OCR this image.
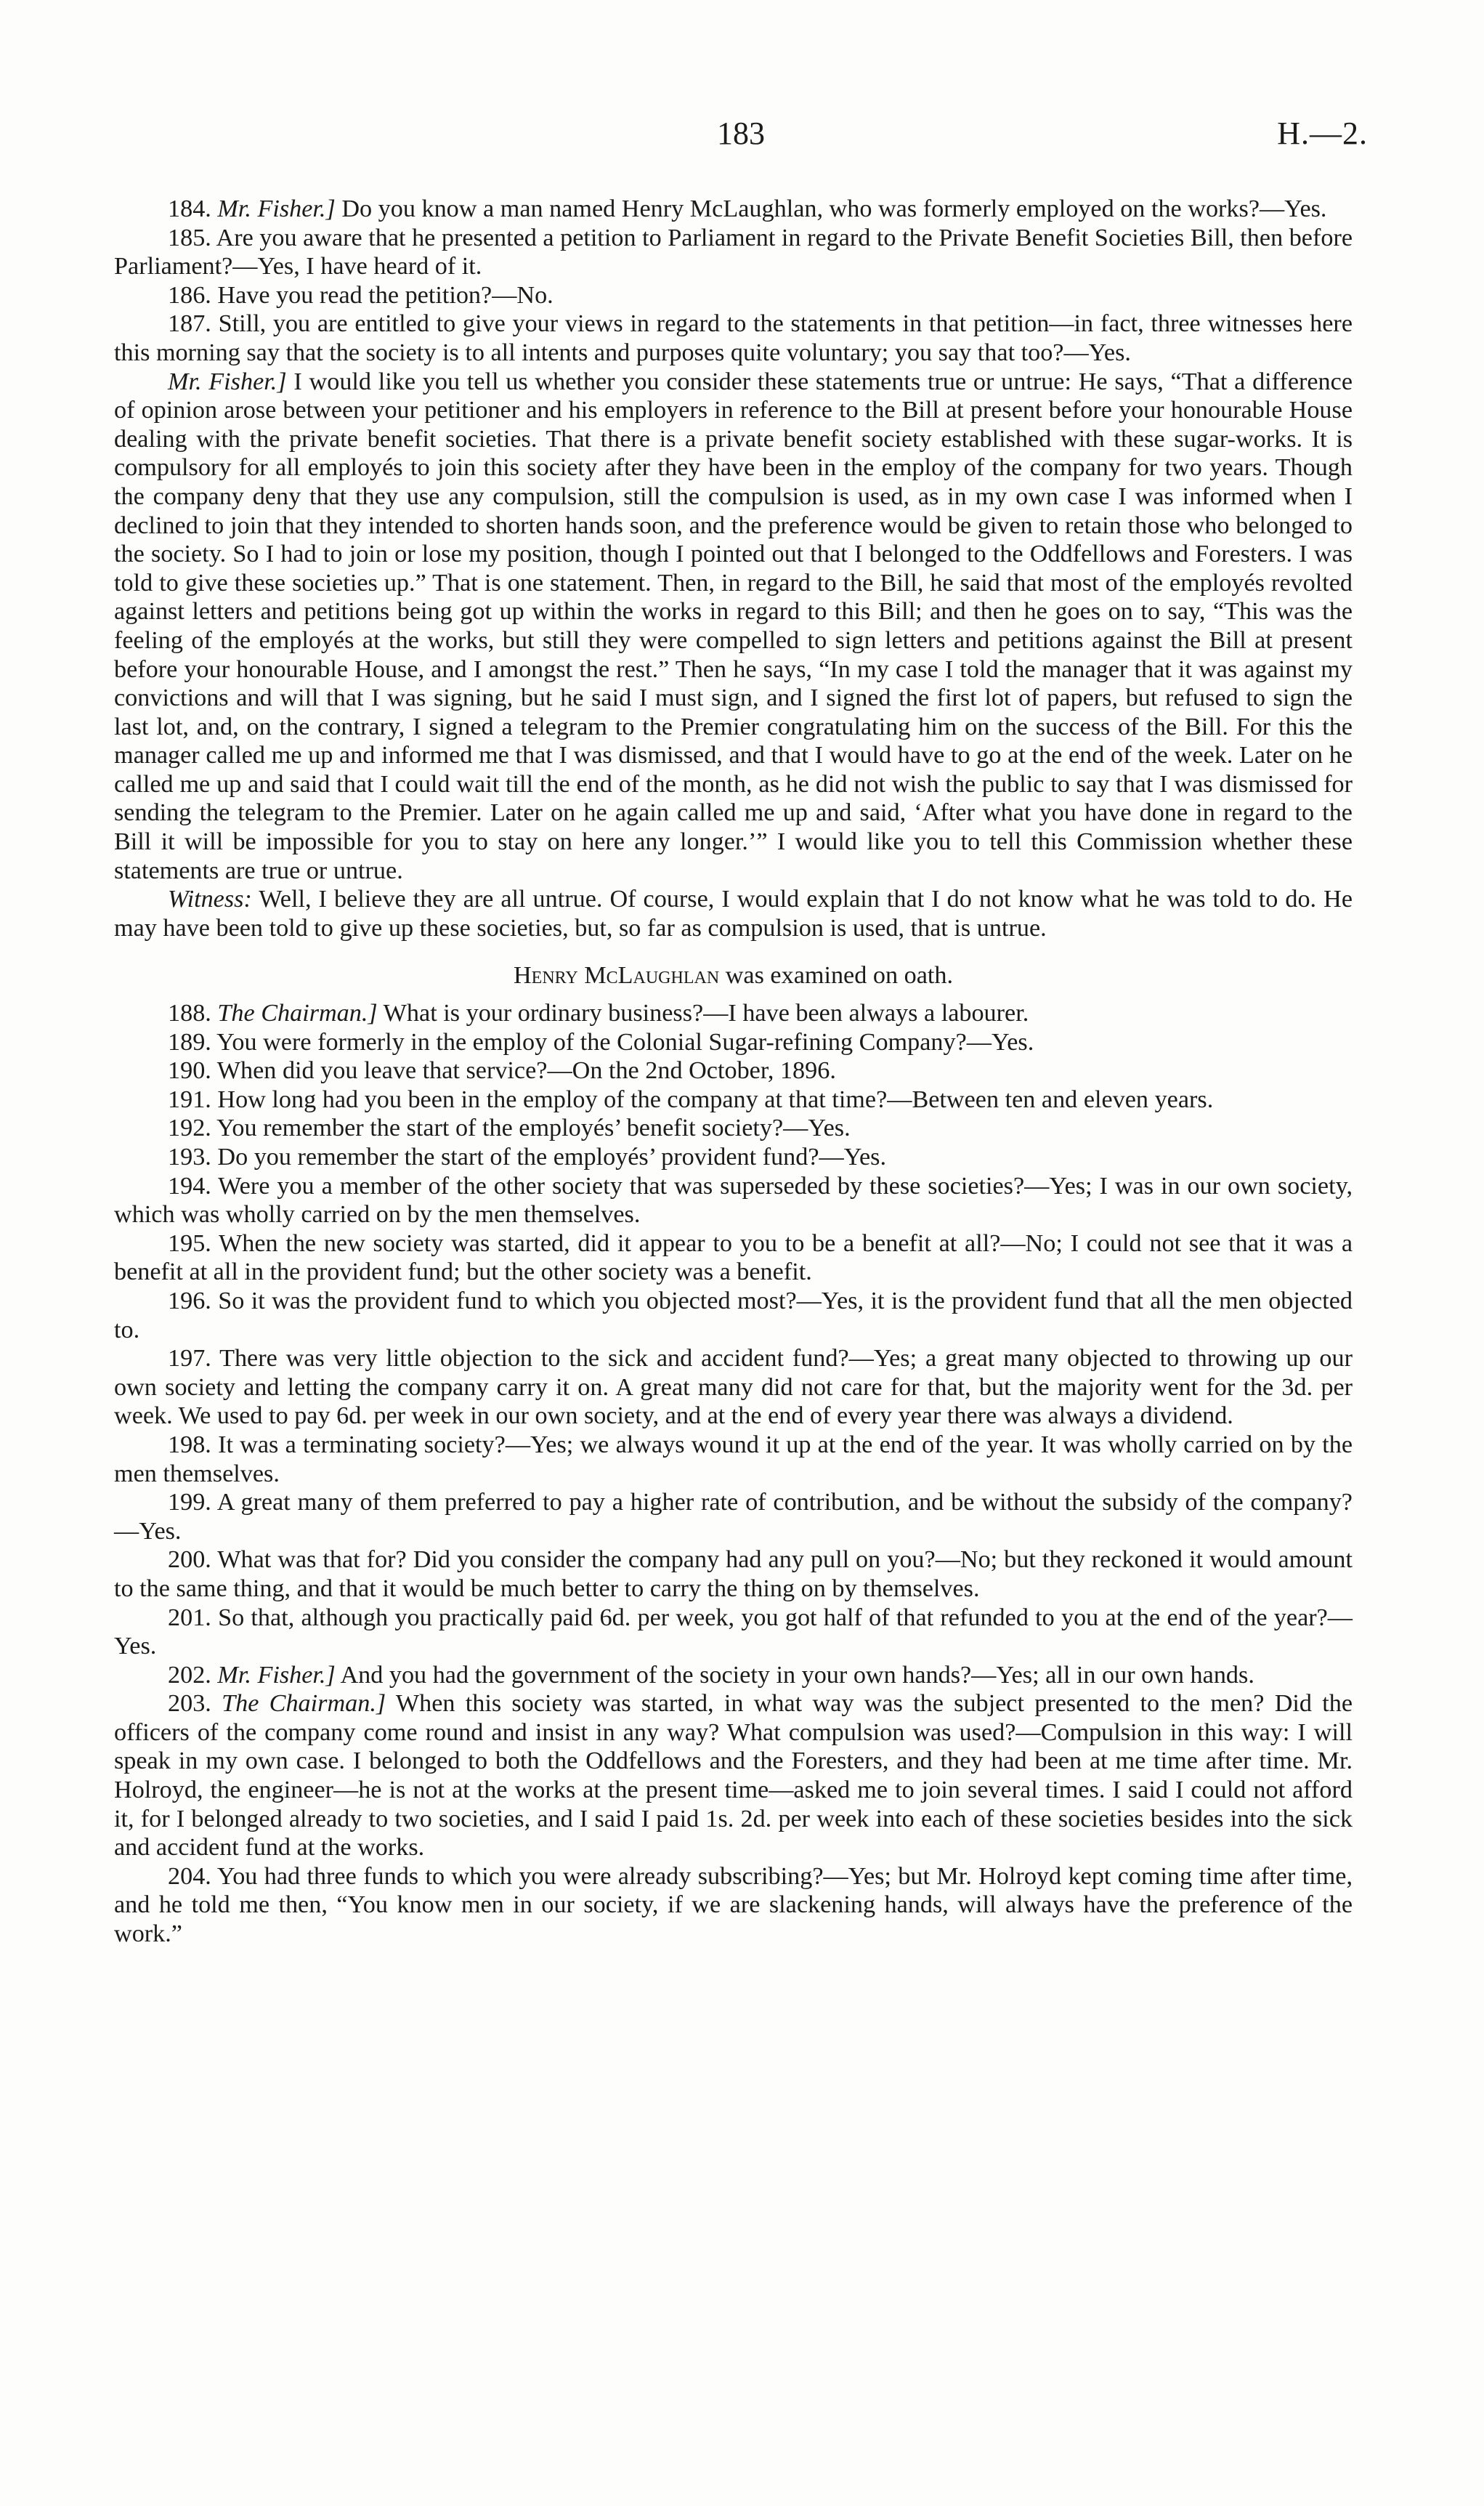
183	H.—2.

184. Mr. Fisher.] Do you know a man named Henry McLaughlan, who was formerly employed on the works?—Yes.

185. Are you aware that he presented a petition to Parliament in regard to the Private Benefit Societies Bill, then before Parliament?—Yes, I have heard of it.

186. Have you read the petition?—No.

187. Still, you are entitled to give your views in regard to the statements in that petition—in fact, three witnesses here this morning say that the society is to all intents and purposes quite voluntary; you say that too?—Yes.

Mr. Fisher.] I would like you tell us whether you consider these statements true or untrue: He says, “That a difference of opinion arose between your petitioner and his employers in reference to the Bill at present before your honourable House dealing with the private benefit societies. That there is a private benefit society established with these sugar-works. It is compulsory for all employés to join this society after they have been in the employ of the company for two years. Though the company deny that they use any compulsion, still the compulsion is used, as in my own case I was informed when I declined to join that they intended to shorten hands soon, and the preference would be given to retain those who belonged to the society. So I had to join or lose my position, though I pointed out that I belonged to the Oddfellows and Foresters. I was told to give these societies up.” That is one statement. Then, in regard to the Bill, he said that most of the employés revolted against letters and petitions being got up within the works in regard to this Bill; and then he goes on to say, “This was the feeling of the employés at the works, but still they were compelled to sign letters and petitions against the Bill at present before your honourable House, and I amongst the rest.” Then he says, “In my case I told the manager that it was against my convictions and will that I was signing, but he said I must sign, and I signed the first lot of papers, but refused to sign the last lot, and, on the contrary, I signed a telegram to the Premier congratulating him on the success of the Bill. For this the manager called me up and informed me that I was dismissed, and that I would have to go at the end of the week. Later on he called me up and said that I could wait till the end of the month, as he did not wish the public to say that I was dismissed for sending the telegram to the Premier. Later on he again called me up and said, ‘After what you have done in regard to the Bill it will be impossible for you to stay on here any longer.’” I would like you to tell this Commission whether these statements are true or untrue.

Witness: Well, I believe they are all untrue. Of course, I would explain that I do not know what he was told to do. He may have been told to give up these societies, but, so far as compulsion is used, that is untrue.

Henry McLaughlan was examined on oath.

188. The Chairman.] What is your ordinary business?—I have been always a labourer.

189. You were formerly in the employ of the Colonial Sugar-refining Company?—Yes.

190. When did you leave that service?—On the 2nd October, 1896.

191. How long had you been in the employ of the company at that time?—Between ten and eleven years.

192. You remember the start of the employés’ benefit society?—Yes.

193. Do you remember the start of the employés’ provident fund?—Yes.

194. Were you a member of the other society that was superseded by these societies?—Yes; I was in our own society, which was wholly carried on by the men themselves.

195. When the new society was started, did it appear to you to be a benefit at all?—No; I could not see that it was a benefit at all in the provident fund; but the other society was a benefit.

196. So it was the provident fund to which you objected most?—Yes, it is the provident fund that all the men objected to.

197. There was very little objection to the sick and accident fund?—Yes; a great many objected to throwing up our own society and letting the company carry it on. A great many did not care for that, but the majority went for the 3d. per week. We used to pay 6d. per week in our own society, and at the end of every year there was always a dividend.

198. It was a terminating society?—Yes; we always wound it up at the end of the year. It was wholly carried on by the men themselves.

199. A great many of them preferred to pay a higher rate of contribution, and be without the subsidy of the company?—Yes.

200. What was that for? Did you consider the company had any pull on you?—No; but they reckoned it would amount to the same thing, and that it would be much better to carry the thing on by themselves.

201. So that, although you practically paid 6d. per week, you got half of that refunded to you at the end of the year?—Yes.

202. Mr. Fisher.] And you had the government of the society in your own hands?—Yes; all in our own hands.

203. The Chairman.] When this society was started, in what way was the subject presented to the men? Did the officers of the company come round and insist in any way? What compulsion was used?—Compulsion in this way: I will speak in my own case. I belonged to both the Oddfellows and the Foresters, and they had been at me time after time. Mr. Holroyd, the engineer—he is not at the works at the present time—asked me to join several times. I said I could not afford it, for I belonged already to two societies, and I said I paid 1s. 2d. per week into each of these societies besides into the sick and accident fund at the works.

204. You had three funds to which you were already subscribing?—Yes; but Mr. Holroyd kept coming time after time, and he told me then, “You know men in our society, if we are slackening hands, will always have the preference of the work.”
